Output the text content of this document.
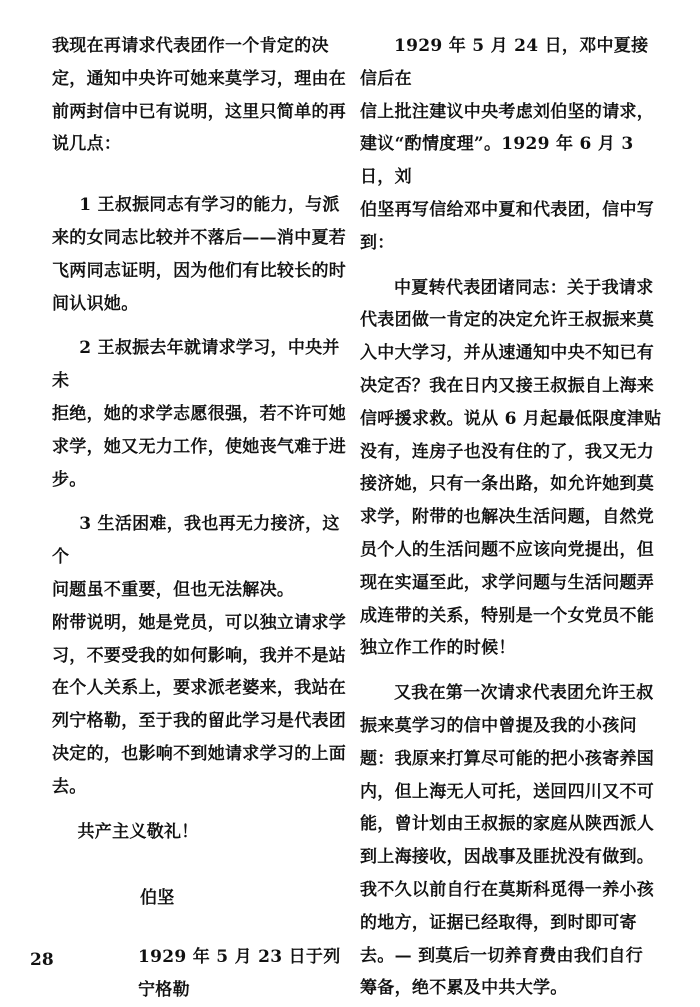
我现在再请求代表团作一个肯定的决
定，通知中央许可她来莫学习，理由在
前两封信中已有说明，这里只简单的再
说几点：

1 王叔振同志有学习的能力，与派
来的女同志比较并不落后——消中夏若
飞两同志证明，因为他们有比较长的时
间认识她。

2 王叔振去年就请求学习，中央并未
拒绝，她的求学志愿很强，若不许可她
求学，她又无力工作，使她丧气难于进
步。

3 生活困难，我也再无力接济，这个
问题虽不重要，但也无法解决。

附带说明，她是党员，可以独立请求学
习，不要受我的如何影响，我并不是站
在个人关系上，要求派老婆来，我站在
列宁格勒，至于我的留此学习是代表团
决定的，也影响不到她请求学习的上面
去。

共产主义敬礼！

伯坚

1929 年 5 月 23 日于列宁格勒

1929 年 5 月 24 日，邓中夏接信后在
信上批注建议中央考虑刘伯坚的请求，
建议“酌情度理”。1929 年 6 月 3 日，刘
伯坚再写信给邓中夏和代表团，信中写
到：

中夏转代表团诸同志：关于我请求
代表团做一肯定的决定允许王叔振来莫
入中大学习，并从速通知中央不知已有
决定否？我在日内又接王叔振自上海来
信呼援求救。说从 6 月起最低限度津贴
没有，连房子也没有住的了，我又无力
接济她，只有一条出路，如允许她到莫
求学，附带的也解决生活问题，自然党
员个人的生活问题不应该向党提出，但
现在实逼至此，求学问题与生活问题弄
成连带的关系，特别是一个女党员不能
独立作工作的时候！

又我在第一次请求代表团允许王叔
振来莫学习的信中曾提及我的小孩问
题：我原来打算尽可能的把小孩寄养国
内，但上海无人可托，送回四川又不可
能，曾计划由王叔振的家庭从陕西派人
到上海接收，因战事及匪扰没有做到。
我不久以前自行在莫斯科觅得一养小孩
的地方，证据已经取得，到时即可寄
去。— 到莫后一切养育费由我们自行
筹备，绝不累及中共大学。

28
